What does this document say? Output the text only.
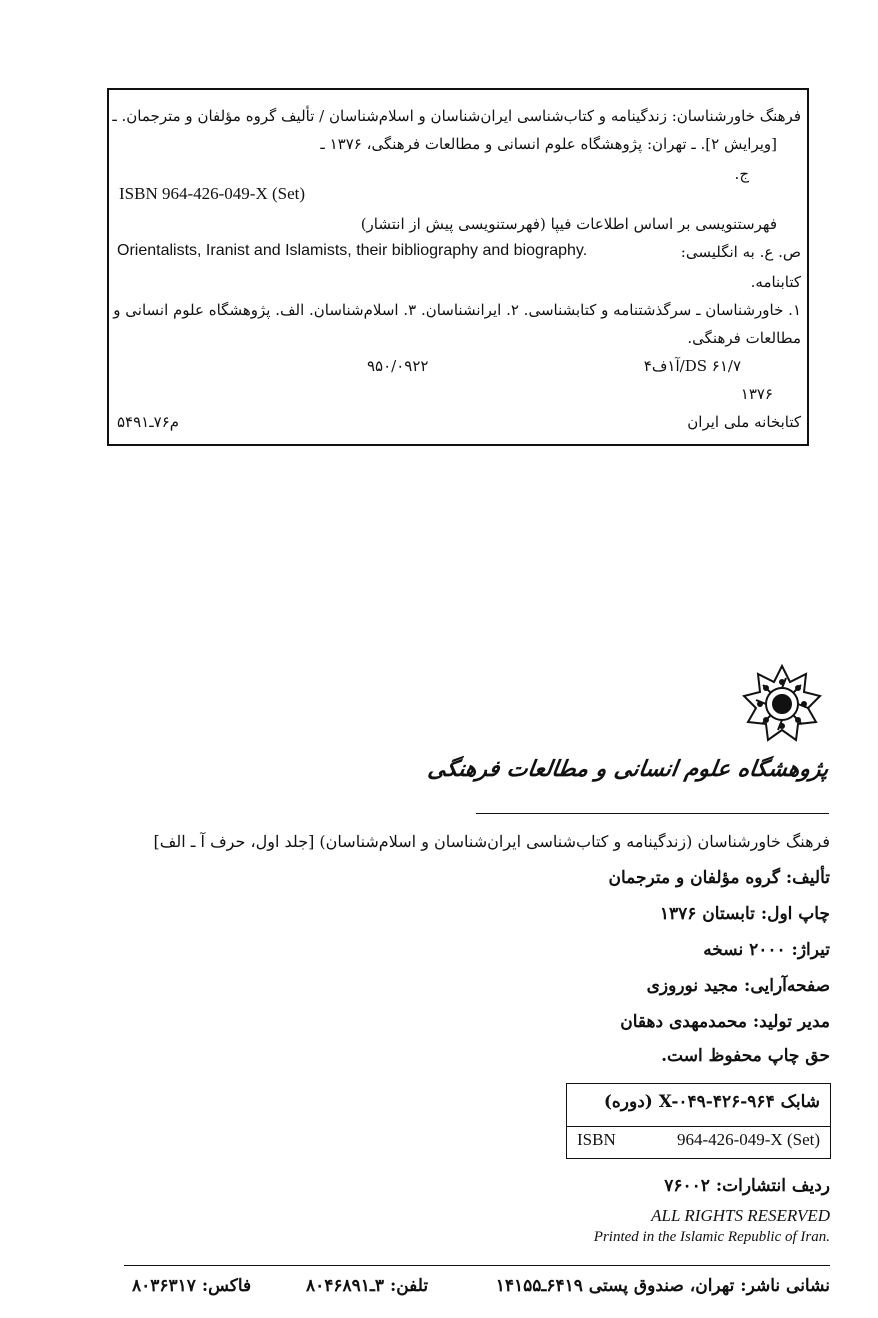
فرهنگ خاورشناسان: زندگینامه و کتاب‌شناسی ایران‌شناسان و اسلام‌شناسان / تألیف گروه مؤلفان و مترجمان. ـ
[ویرایش ۲]. ـ تهران: پژوهشگاه علوم انسانی و مطالعات فرهنگی، ۱۳۷۶ ـ
ج.
ISBN 964-426-049-X (Set)
فهرستنویسی بر اساس اطلاعات فیپا (فهرستنویسی پیش از انتشار)
ص. ع. به انگلیسی:
Orientalists, Iranist and Islamists, their bibliography and biography.
کتابنامه.
۱. خاورشناسان ـ سرگذشتنامه و کتابشناسی. ۲. ایرانشناسان. ۳. اسلام‌شناسان. الف. پژوهشگاه علوم انسانی و
مطالعات فرهنگی.
DS ۶۱/۷/آ۱ف۴
۹۵۰/۰۹۲۲
۱۳۷۶
کتابخانه ملی ایران
م۷۶ـ۵۴۹۱
پژوهشگاه علوم انسانی و مطالعات فرهنگی
فرهنگ خاورشناسان (زندگینامه و کتاب‌شناسی ایران‌شناسان و اسلام‌شناسان) [جلد اول، حرف آ ـ الف]
تألیف: گروه مؤلفان و مترجمان
چاپ اول: تابستان ۱۳۷۶
تیراژ: ۲۰۰۰ نسخه
صفحه‌آرایی: مجید نوروزی
مدیر تولید: محمدمهدی دهقان
حق چاپ محفوظ است.
شابک X-۰۴۹-۴۲۶-۹۶۴ (دوره)
ISBN	964-426-049-X (Set)
ردیف انتشارات: ۷۶۰۰۲
ALL RIGHTS RESERVED
Printed in the Islamic Republic of Iran.
نشانی ناشر: تهران، صندوق پستی ۶۴۱۹ـ۱۴۱۵۵
تلفن: ۳ـ۸۰۴۶۸۹۱
فاکس: ۸۰۳۶۳۱۷
